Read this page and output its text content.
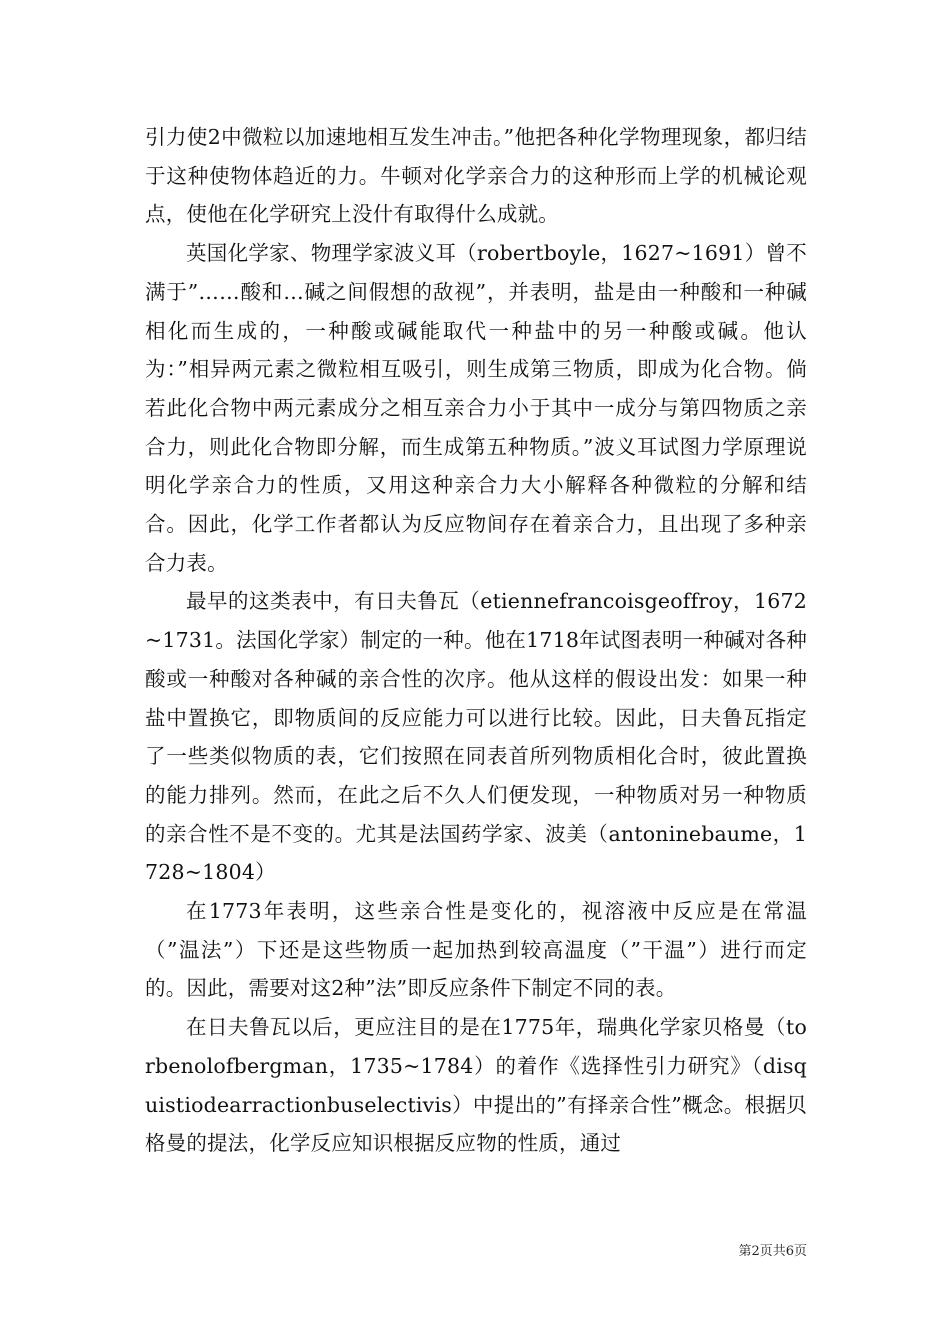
引力使2中微粒以加速地相互发生冲击。”他把各种化学物理现象，都归结于这种使物体趋近的力。牛顿对化学亲合力的这种形而上学的机械论观点，使他在化学研究上没什有取得什么成就。

英国化学家、物理学家波义耳（robertboyle，1627~1691）曾不满于”……酸和…碱之间假想的敌视”，并表明，盐是由一种酸和一种碱相化而生成的，一种酸或碱能取代一种盐中的另一种酸或碱。他认为：”相异两元素之微粒相互吸引，则生成第三物质，即成为化合物。倘若此化合物中两元素成分之相互亲合力小于其中一成分与第四物质之亲合力，则此化合物即分解，而生成第五种物质。”波义耳试图力学原理说明化学亲合力的性质，又用这种亲合力大小解释各种微粒的分解和结合。因此，化学工作者都认为反应物间存在着亲合力，且出现了多种亲合力表。

最早的这类表中，有日夫鲁瓦（etiennefrancoisgeoffroy，1672~1731。法国化学家）制定的一种。他在1718年试图表明一种碱对各种酸或一种酸对各种碱的亲合性的次序。他从这样的假设出发：如果一种盐中置换它，即物质间的反应能力可以进行比较。因此，日夫鲁瓦指定了一些类似物质的表，它们按照在同表首所列物质相化合时，彼此置换的能力排列。然而，在此之后不久人们便发现，一种物质对另一种物质的亲合性不是不变的。尤其是法国药学家、波美（antoninebaume，1728~1804）

在1773年表明，这些亲合性是变化的，视溶液中反应是在常温（”温法”）下还是这些物质一起加热到较高温度（”干温”）进行而定的。因此，需要对这2种”法”即反应条件下制定不同的表。

在日夫鲁瓦以后，更应注目的是在1775年，瑞典化学家贝格曼（torbenolofbergman，1735~1784）的着作《选择性引力研究》（disquistiodearractionbuselectivis）中提出的”有择亲合性”概念。根据贝格曼的提法，化学反应知识根据反应物的性质，通过

第2页共6页
